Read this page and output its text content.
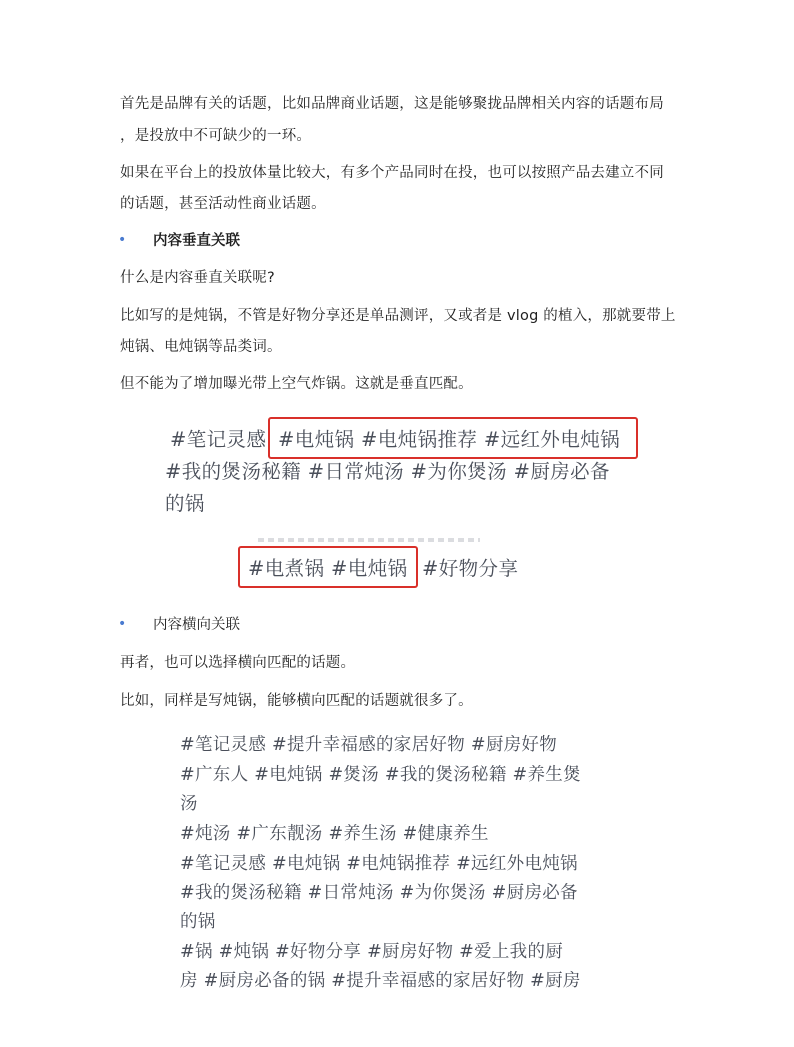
首先是品牌有关的话题，比如品牌商业话题，这是能够聚拢品牌相关内容的话题布局
，是投放中不可缺少的一环。
如果在平台上的投放体量比较大，有多个产品同时在投，也可以按照产品去建立不同
的话题，甚至活动性商业话题。
• 内容垂直关联
什么是内容垂直关联呢?
比如写的是炖锅，不管是好物分享还是单品测评，又或者是 vlog 的植入，那就要带上
炖锅、电炖锅等品类词。
但不能为了增加曝光带上空气炸锅。这就是垂直匹配。
#笔记灵感 #电炖锅 #电炖锅推荐 #远红外电炖锅
#我的煲汤秘籍 #日常炖汤 #为你煲汤 #厨房必备
的锅
#电煮锅 #电炖锅 #好物分享
• 内容横向关联
再者，也可以选择横向匹配的话题。
比如，同样是写炖锅，能够横向匹配的话题就很多了。
#笔记灵感 #提升幸福感的家居好物 #厨房好物
#广东人 #电炖锅 #煲汤 #我的煲汤秘籍 #养生煲
汤
#炖汤 #广东靓汤 #养生汤 #健康养生
#笔记灵感 #电炖锅 #电炖锅推荐 #远红外电炖锅
#我的煲汤秘籍 #日常炖汤 #为你煲汤 #厨房必备
的锅
#锅 #炖锅 #好物分享 #厨房好物 #爱上我的厨
房 #厨房必备的锅 #提升幸福感的家居好物 #厨房
